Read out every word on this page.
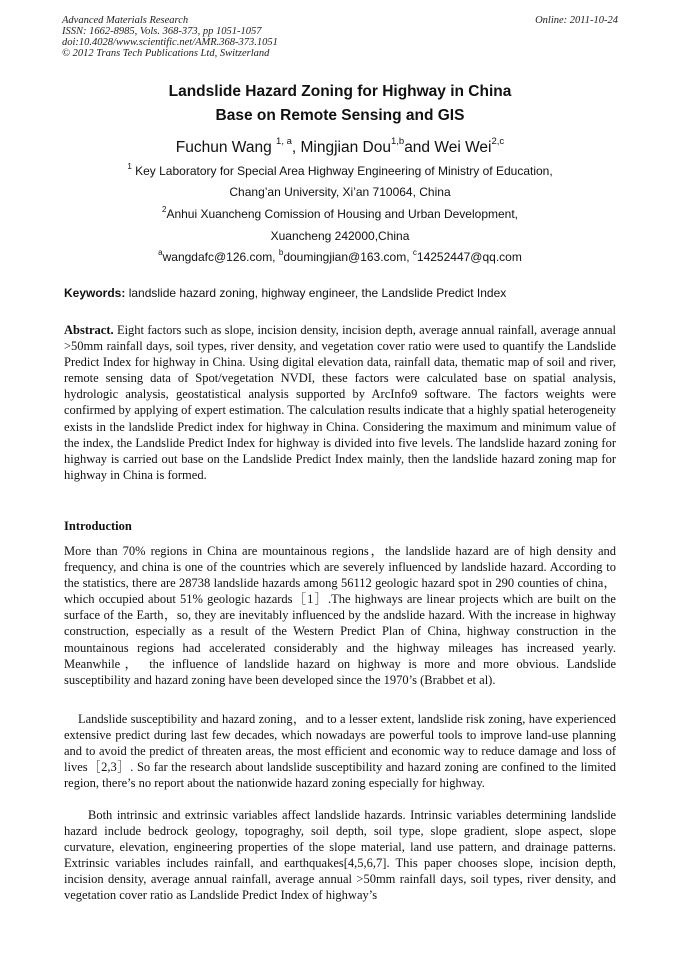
Advanced Materials Research
ISSN: 1662-8985, Vols. 368-373, pp 1051-1057
doi:10.4028/www.scientific.net/AMR.368-373.1051
© 2012 Trans Tech Publications Ltd, Switzerland
Online: 2011-10-24
Landslide Hazard Zoning for Highway in China
Base on Remote Sensing and GIS
Fuchun Wang $^{1, a}$, Mingjian Dou$^{1,b}$and Wei Wei$^{2,c}$
$^1$ Key Laboratory for Special Area Highway Engineering of Ministry of Education,
Chang’an University, Xi’an 710064, China
$^2$Anhui Xuancheng Comission of Housing and Urban Development,
Xuancheng 242000,China
$^a$wangdafc@126.com, $^b$doumingjian@163.com, $^c$14252447@qq.com
Keywords: landslide hazard zoning, highway engineer, the Landslide Predict Index
Abstract. Eight factors such as slope, incision density, incision depth, average annual rainfall, average annual >50mm rainfall days, soil types, river density, and vegetation cover ratio were used to quantify the Landslide Predict Index for highway in China. Using digital elevation data, rainfall data, thematic map of soil and river, remote sensing data of Spot/vegetation NVDI, these factors were calculated base on spatial analysis, hydrologic analysis, geostatistical analysis supported by ArcInfo9 software. The factors weights were confirmed by applying of expert estimation. The calculation results indicate that a highly spatial heterogeneity exists in the landslide Predict index for highway in China. Considering the maximum and minimum value of the index, the Landslide Predict Index for highway is divided into five levels. The landslide hazard zoning for highway is carried out base on the Landslide Predict Index mainly, then the landslide hazard zoning map for highway in China is formed.
Introduction
More than 70% regions in China are mountainous regions，the landslide hazard are of high density and frequency, and china is one of the countries which are severely influenced by landslide hazard. According to the statistics, there are 28738 landslide hazards among 56112 geologic hazard spot in 290 counties of china，which occupied about 51% geologic hazards［1］.The highways are linear projects which are built on the surface of the Earth，so, they are inevitably influenced by the andslide hazard. With the increase in highway construction, especially as a result of the Western Predict Plan of China, highway construction in the mountainous regions had accelerated considerably and the highway mileages has increased yearly. Meanwhile， the influence of landslide hazard on highway is more and more obvious. Landslide susceptibility and hazard zoning have been developed since the 1970’s (Brabbet et al).
Landslide susceptibility and hazard zoning，and to a lesser extent, landslide risk zoning, have experienced extensive predict during last few decades, which nowadays are powerful tools to improve land-use planning and to avoid the predict of threaten areas, the most efficient and economic way to reduce damage and loss of lives［2,3］. So far the research about landslide susceptibility and hazard zoning are confined to the limited region, there’s no report about the nationwide hazard zoning especially for highway.
Both intrinsic and extrinsic variables affect landslide hazards. Intrinsic variables determining landslide hazard include bedrock geology, topograghy, soil depth, soil type, slope gradient, slope aspect, slope curvature, elevation, engineering properties of the slope material, land use pattern, and drainage patterns. Extrinsic variables includes rainfall, and earthquakes[4,5,6,7]. This paper chooses slope, incision depth, incision density, average annual rainfall, average annual >50mm rainfall days, soil types, river density, and vegetation cover ratio as Landslide Predict Index of highway’s
